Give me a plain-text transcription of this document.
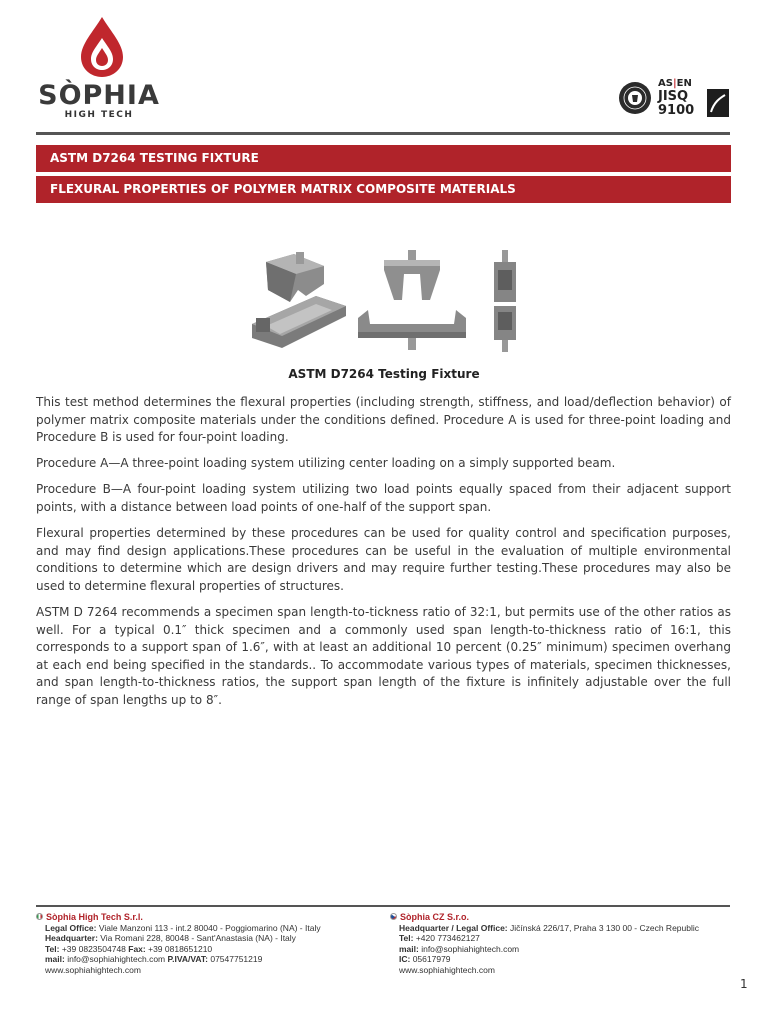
SÒPHIA
HIGH TECH
AS|EN
JISQ
9100
ASTM D7264 TESTING FIXTURE
FLEXURAL PROPERTIES OF POLYMER MATRIX COMPOSITE MATERIALS
ASTM D7264 Testing Fixture

This test method determines the flexural properties (including strength, stiffness, and load/deflection behavior) of polymer matrix composite materials under the conditions defined. Procedure A is used for three-point loading and Procedure B is used for four-point loading.

Procedure A—A three-point loading system utilizing center loading on a simply supported beam.

Procedure B—A four-point loading system utilizing two load points equally spaced from their adjacent support points, with a distance between load points of one-half of the support span.

Flexural properties determined by these procedures can be used for quality control and specification purposes, and may find design applications.These procedures can be useful in the evaluation of multiple environmental conditions to determine which are design drivers and may require further testing.These procedures may also be used to determine flexural properties of structures.

ASTM D 7264 recommends a specimen span length-to-tickness ratio of 32:1, but permits use of the other ratios as well. For a typical 0.1″ thick specimen and a commonly used span length-to-thickness ratio of 16:1, this corresponds to a support span of 1.6″, with at least an additional 10 percent (0.25″ minimum) specimen overhang at each end being specified in the standards.. To accommodate various types of materials, specimen thicknesses, and span length-to-thickness ratios, the support span length of the fixture is infinitely adjustable over the full range of span lengths up to 8″.

Sòphia High Tech S.r.l.
Legal Office: Viale Manzoni 113 - int.2 80040 - Poggiomarino (NA) - Italy
Headquarter: Via Romani 228, 80048 - Sant'Anastasia (NA) - Italy
Tel: +39 0823504748 Fax: +39 0818651210
mail: info@sophiahightech.com P.IVA/VAT: 07547751219
www.sophiahightech.com
Sòphia CZ S.r.o.
Headquarter / Legal Office: Jičínská 226/17, Praha 3 130 00 - Czech Republic
Tel: +420 773462127
mail: info@sophiahightech.com
IC: 05617979
www.sophiahightech.com
1
